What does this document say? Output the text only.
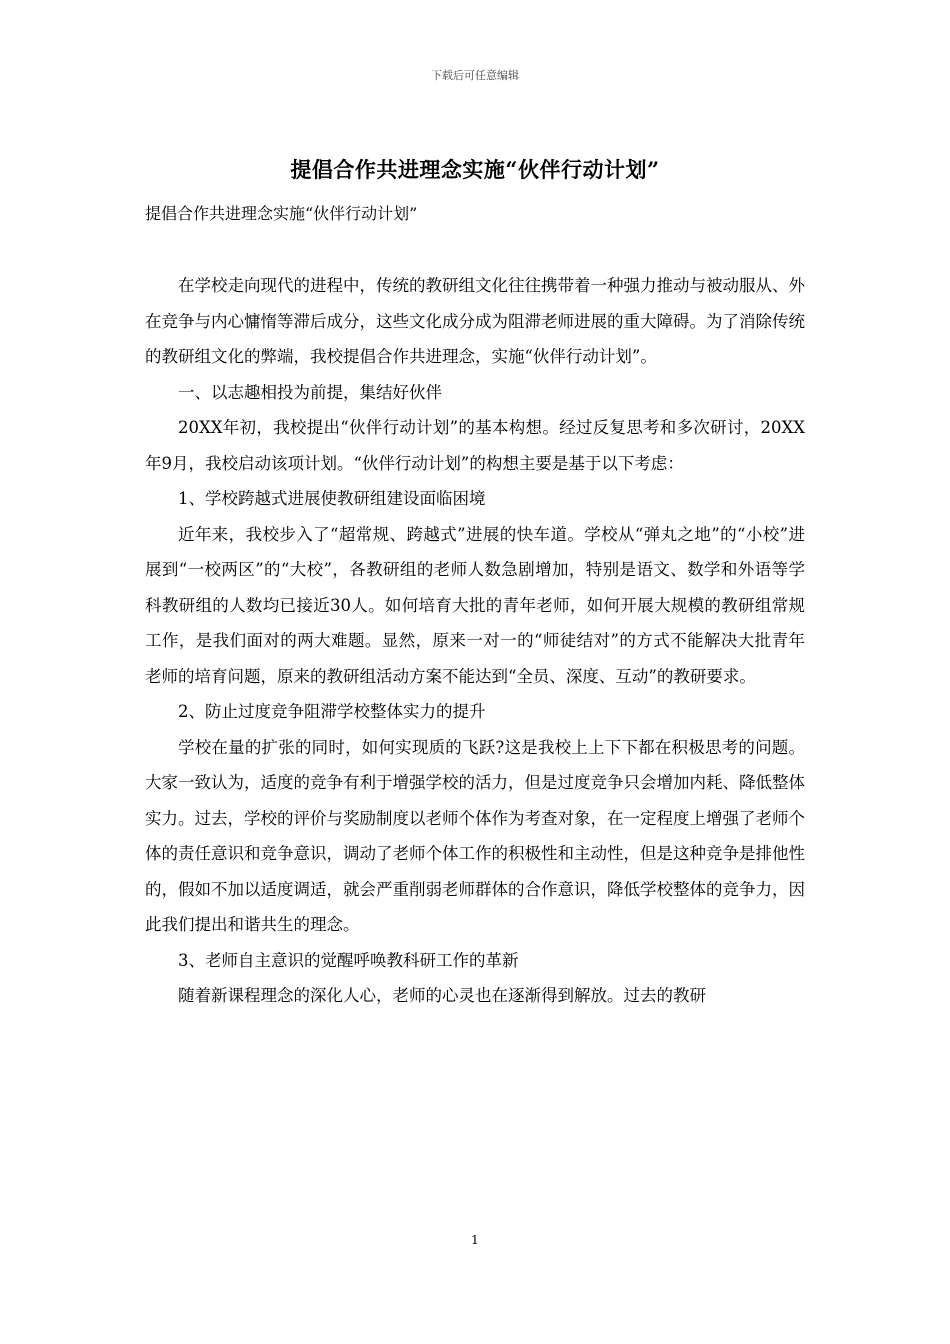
下载后可任意编辑
提倡合作共进理念实施“伙伴行动计划”
提倡合作共进理念实施“伙伴行动计划”

在学校走向现代的进程中，传统的教研组文化往往携带着一种强力推动与被动服从、外在竞争与内心慵惰等滞后成分，这些文化成分成为阻滞老师进展的重大障碍。为了消除传统的教研组文化的弊端，我校提倡合作共进理念，实施“伙伴行动计划”。

一、以志趣相投为前提，集结好伙伴

20XX年初，我校提出“伙伴行动计划”的基本构想。经过反复思考和多次研讨，20XX年9月，我校启动该项计划。“伙伴行动计划”的构想主要是基于以下考虑：

1、学校跨越式进展使教研组建设面临困境

近年来，我校步入了“超常规、跨越式”进展的快车道。学校从“弹丸之地”的“小校”进展到“一校两区”的“大校”，各教研组的老师人数急剧增加，特别是语文、数学和外语等学科教研组的人数均已接近30人。如何培育大批的青年老师，如何开展大规模的教研组常规工作，是我们面对的两大难题。显然，原来一对一的“师徒结对”的方式不能解决大批青年老师的培育问题，原来的教研组活动方案不能达到“全员、深度、互动”的教研要求。

2、防止过度竞争阻滞学校整体实力的提升

学校在量的扩张的同时，如何实现质的飞跃?这是我校上上下下都在积极思考的问题。大家一致认为，适度的竞争有利于增强学校的活力，但是过度竞争只会增加内耗、降低整体实力。过去，学校的评价与奖励制度以老师个体作为考查对象，在一定程度上增强了老师个体的责任意识和竞争意识，调动了老师个体工作的积极性和主动性，但是这种竞争是排他性的，假如不加以适度调适，就会严重削弱老师群体的合作意识，降低学校整体的竞争力，因此我们提出和谐共生的理念。

3、老师自主意识的觉醒呼唤教科研工作的革新

随着新课程理念的深化人心，老师的心灵也在逐渐得到解放。过去的教研

1
